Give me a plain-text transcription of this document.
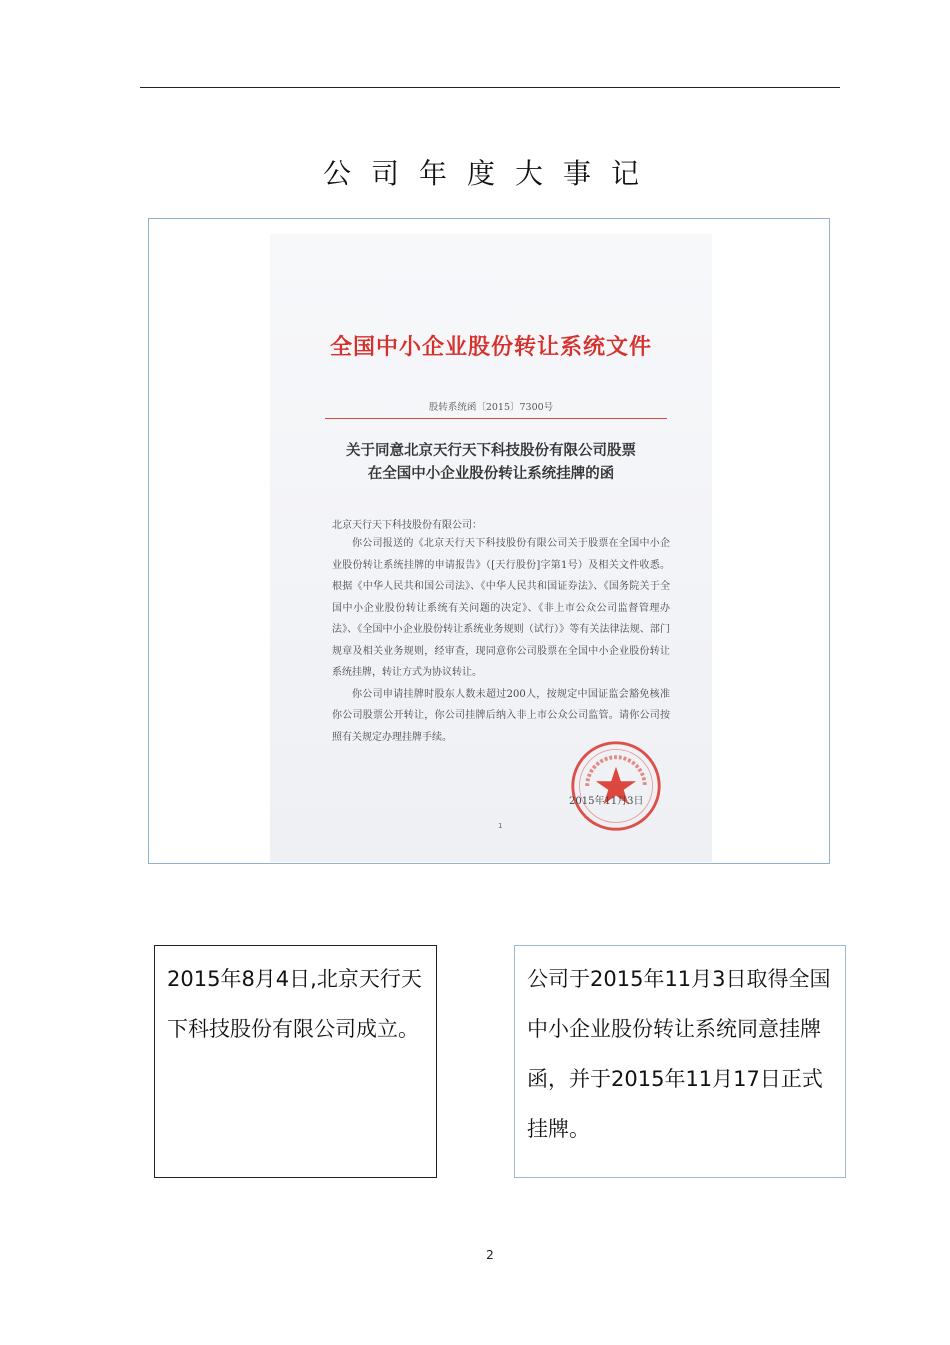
公司年度大事记
全国中小企业股份转让系统文件
股转系统函〔2015〕7300号
关于同意北京天行天下科技股份有限公司股票
在全国中小企业股份转让系统挂牌的函
北京天行天下科技股份有限公司：

你公司报送的《北京天行天下科技股份有限公司关于股票在全国中小企业股份转让系统挂牌的申请报告》（[天行股份]字第1号）及相关文件收悉。根据《中华人民共和国公司法》、《中华人民共和国证券法》、《国务院关于全国中小企业股份转让系统有关问题的决定》、《非上市公众公司监督管理办法》、《全国中小企业股份转让系统业务规则（试行）》等有关法律法规、部门规章及相关业务规则，经审查，现同意你公司股票在全国中小企业股份转让系统挂牌，转让方式为协议转让。

你公司申请挂牌时股东人数未超过200人，按规定中国证监会豁免核准你公司股票公开转让，你公司挂牌后纳入非上市公众公司监管。请你公司按照有关规定办理挂牌手续。

2015年11月3日
1
2015年8月4日,北京天行天下科技股份有限公司成立。
公司于2015年11月3日取得全国中小企业股份转让系统同意挂牌函，并于2015年11月17日正式挂牌。
2
